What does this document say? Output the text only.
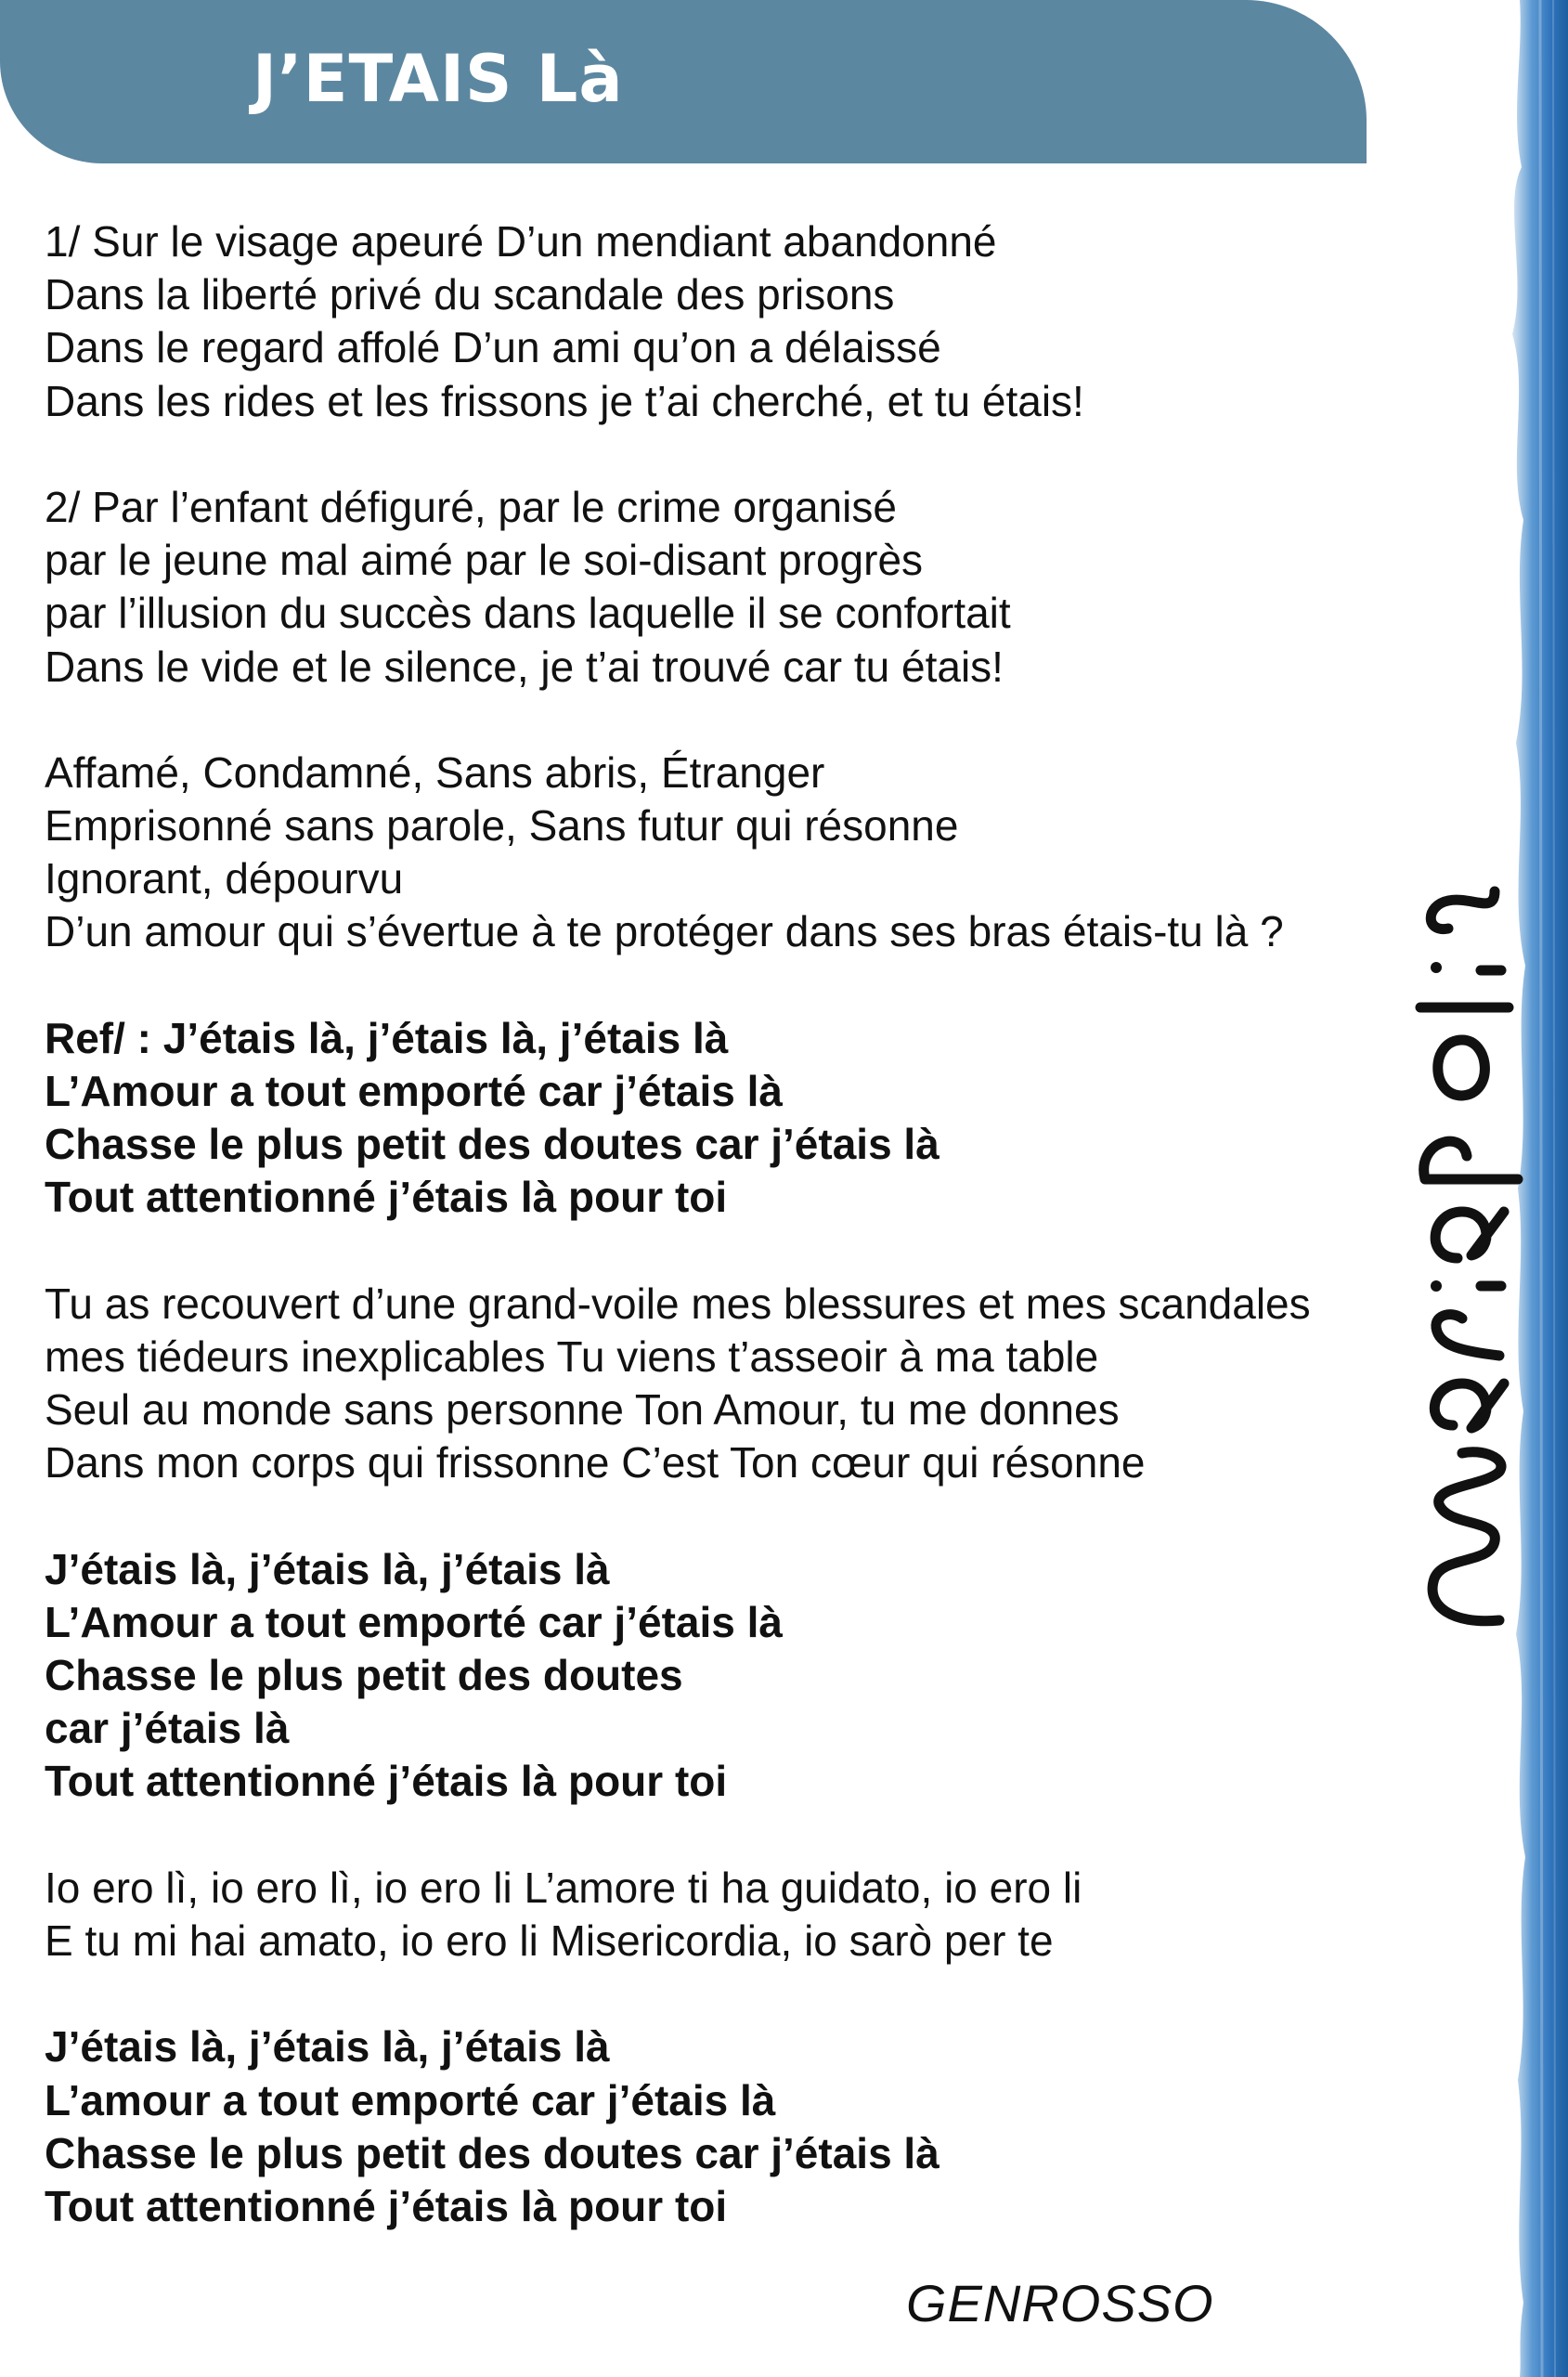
J’ETAIS Là
1/ Sur le visage apeuré D’un mendiant abandonné
Dans la liberté privé du scandale des prisons
Dans le regard affolé D’un ami qu’on a délaissé
Dans les rides et les frissons je t’ai cherché, et tu étais!
2/ Par l’enfant défiguré, par le crime organisé
par le jeune mal aimé par le soi-disant progrès
par l’illusion du succès dans laquelle il se confortait
Dans le vide et le silence, je t’ai trouvé car tu étais!
Affamé, Condamné, Sans abris, Étranger
Emprisonné sans parole, Sans futur qui résonne
Ignorant, dépourvu
D’un amour qui s’évertue à te protéger dans ses bras étais-tu là ?
Ref/ : J’étais là, j’étais là, j’étais là
L’Amour a tout emporté car j’étais là
Chasse le plus petit des doutes car j’étais là
Tout attentionné j’étais là pour toi
Tu as recouvert d’une grand-voile mes blessures et mes scandales
mes tiédeurs inexplicables Tu viens t’asseoir à ma table
Seul au monde sans personne Ton Amour, tu me donnes
Dans mon corps qui frissonne C’est Ton cœur qui résonne
J’étais là, j’étais là, j’étais là
L’Amour a tout emporté car j’étais là
Chasse le plus petit des doutes
car j’étais là
Tout attentionné j’étais là pour toi
Io ero lì, io ero lì, io ero li L’amore ti ha guidato, io ero li
E tu mi hai amato, io ero li Misericordia, io sarò per te
J’étais là, j’étais là, j’étais là
L’amour a tout emporté car j’étais là
Chasse le plus petit des doutes car j’étais là
Tout attentionné j’étais là pour toi
GENROSSO
